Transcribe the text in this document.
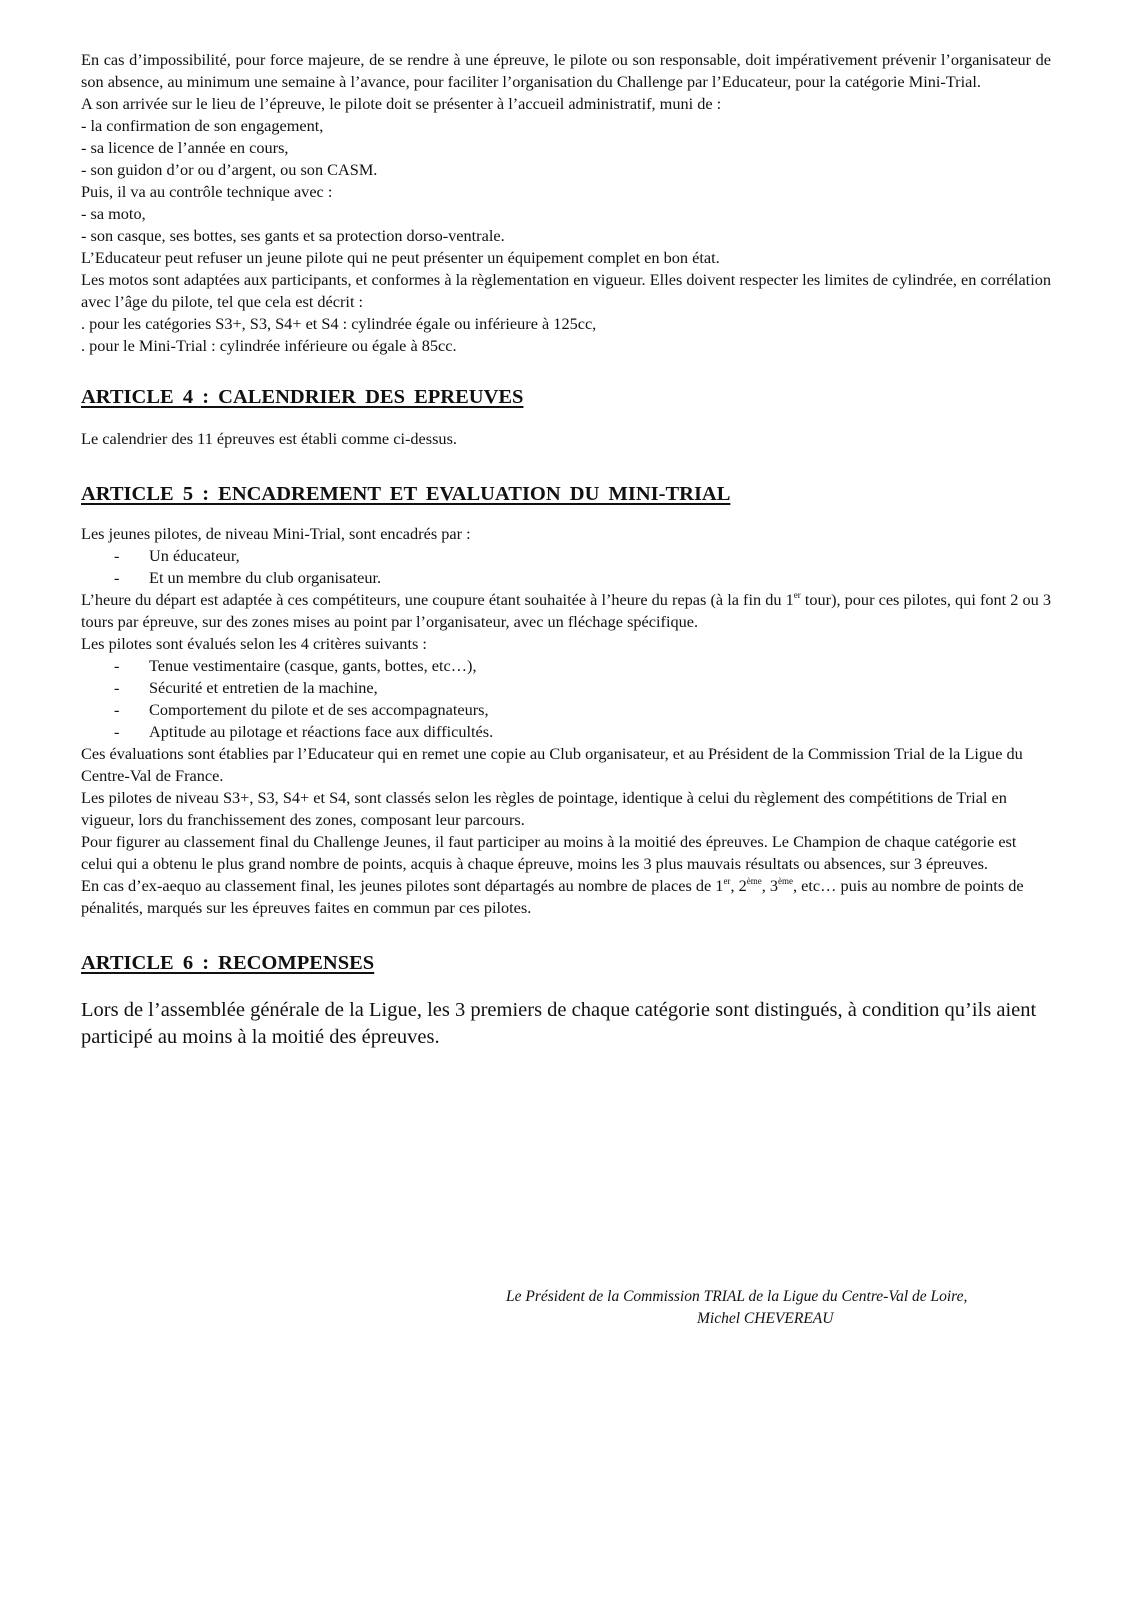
En cas d’impossibilité, pour force majeure, de se rendre à une épreuve, le pilote ou son responsable, doit impérativement prévenir l’organisateur de son absence, au minimum une semaine à l’avance, pour faciliter l’organisation du Challenge par l’Educateur, pour la catégorie Mini-Trial.

A son arrivée sur le lieu de l’épreuve, le pilote doit se présenter à l’accueil administratif, muni de :

- la confirmation de son engagement,

- sa licence de l’année en cours,

- son guidon d’or ou d’argent, ou son CASM.

Puis, il va au contrôle technique avec :

- sa moto,

- son casque, ses bottes, ses gants et sa protection dorso-ventrale.

L’Educateur peut refuser un jeune pilote qui ne peut présenter un équipement complet en bon état.

Les motos sont adaptées aux participants, et conformes à la règlementation en vigueur. Elles doivent respecter les limites de cylindrée, en corrélation avec l’âge du pilote, tel que cela est décrit :

. pour les catégories S3+, S3, S4+ et S4 : cylindrée égale ou inférieure à 125cc,

. pour le Mini-Trial : cylindrée inférieure ou égale à 85cc.

ARTICLE 4 : CALENDRIER DES EPREUVES

Le calendrier des 11 épreuves est établi comme ci-dessus.

ARTICLE 5 : ENCADREMENT ET EVALUATION DU MINI-TRIAL

Les jeunes pilotes, de niveau Mini-Trial, sont encadrés par :

- Un éducateur,
- Et un membre du club organisateur.

L’heure du départ est adaptée à ces compétiteurs, une coupure étant souhaitée à l’heure du repas (à la fin du 1er tour), pour ces pilotes, qui font 2 ou 3 tours par épreuve, sur des zones mises au point par l’organisateur, avec un fléchage spécifique.

Les pilotes sont évalués selon les 4 critères suivants :

- Tenue vestimentaire (casque, gants, bottes, etc…),
- Sécurité et entretien de la machine,
- Comportement du pilote et de ses accompagnateurs,
- Aptitude au pilotage et réactions face aux difficultés.

Ces évaluations sont établies par l’Educateur qui en remet une copie au Club organisateur, et au Président de la Commission Trial de la Ligue du Centre-Val de France.

Les pilotes de niveau S3+, S3, S4+ et S4, sont classés selon les règles de pointage, identique à celui du règlement des compétitions de Trial en vigueur, lors du franchissement des zones, composant leur parcours.

Pour figurer au classement final du Challenge Jeunes, il faut participer au moins à la moitié des épreuves. Le Champion de chaque catégorie est celui qui a obtenu le plus grand nombre de points, acquis à chaque épreuve, moins les 3 plus mauvais résultats ou absences, sur 3 épreuves.

En cas d’ex-aequo au classement final, les jeunes pilotes sont départagés au nombre de places de 1er, 2ème, 3ème, etc… puis au nombre de points de pénalités, marqués sur les épreuves faites en commun par ces pilotes.

ARTICLE 6 : RECOMPENSES

Lors de l’assemblée générale de la Ligue, les 3 premiers de chaque catégorie sont distingués, à condition qu’ils aient participé au moins à la moitié des épreuves.

Le Président de la Commission TRIAL de la Ligue du Centre-Val de Loire,
Michel CHEVEREAU
